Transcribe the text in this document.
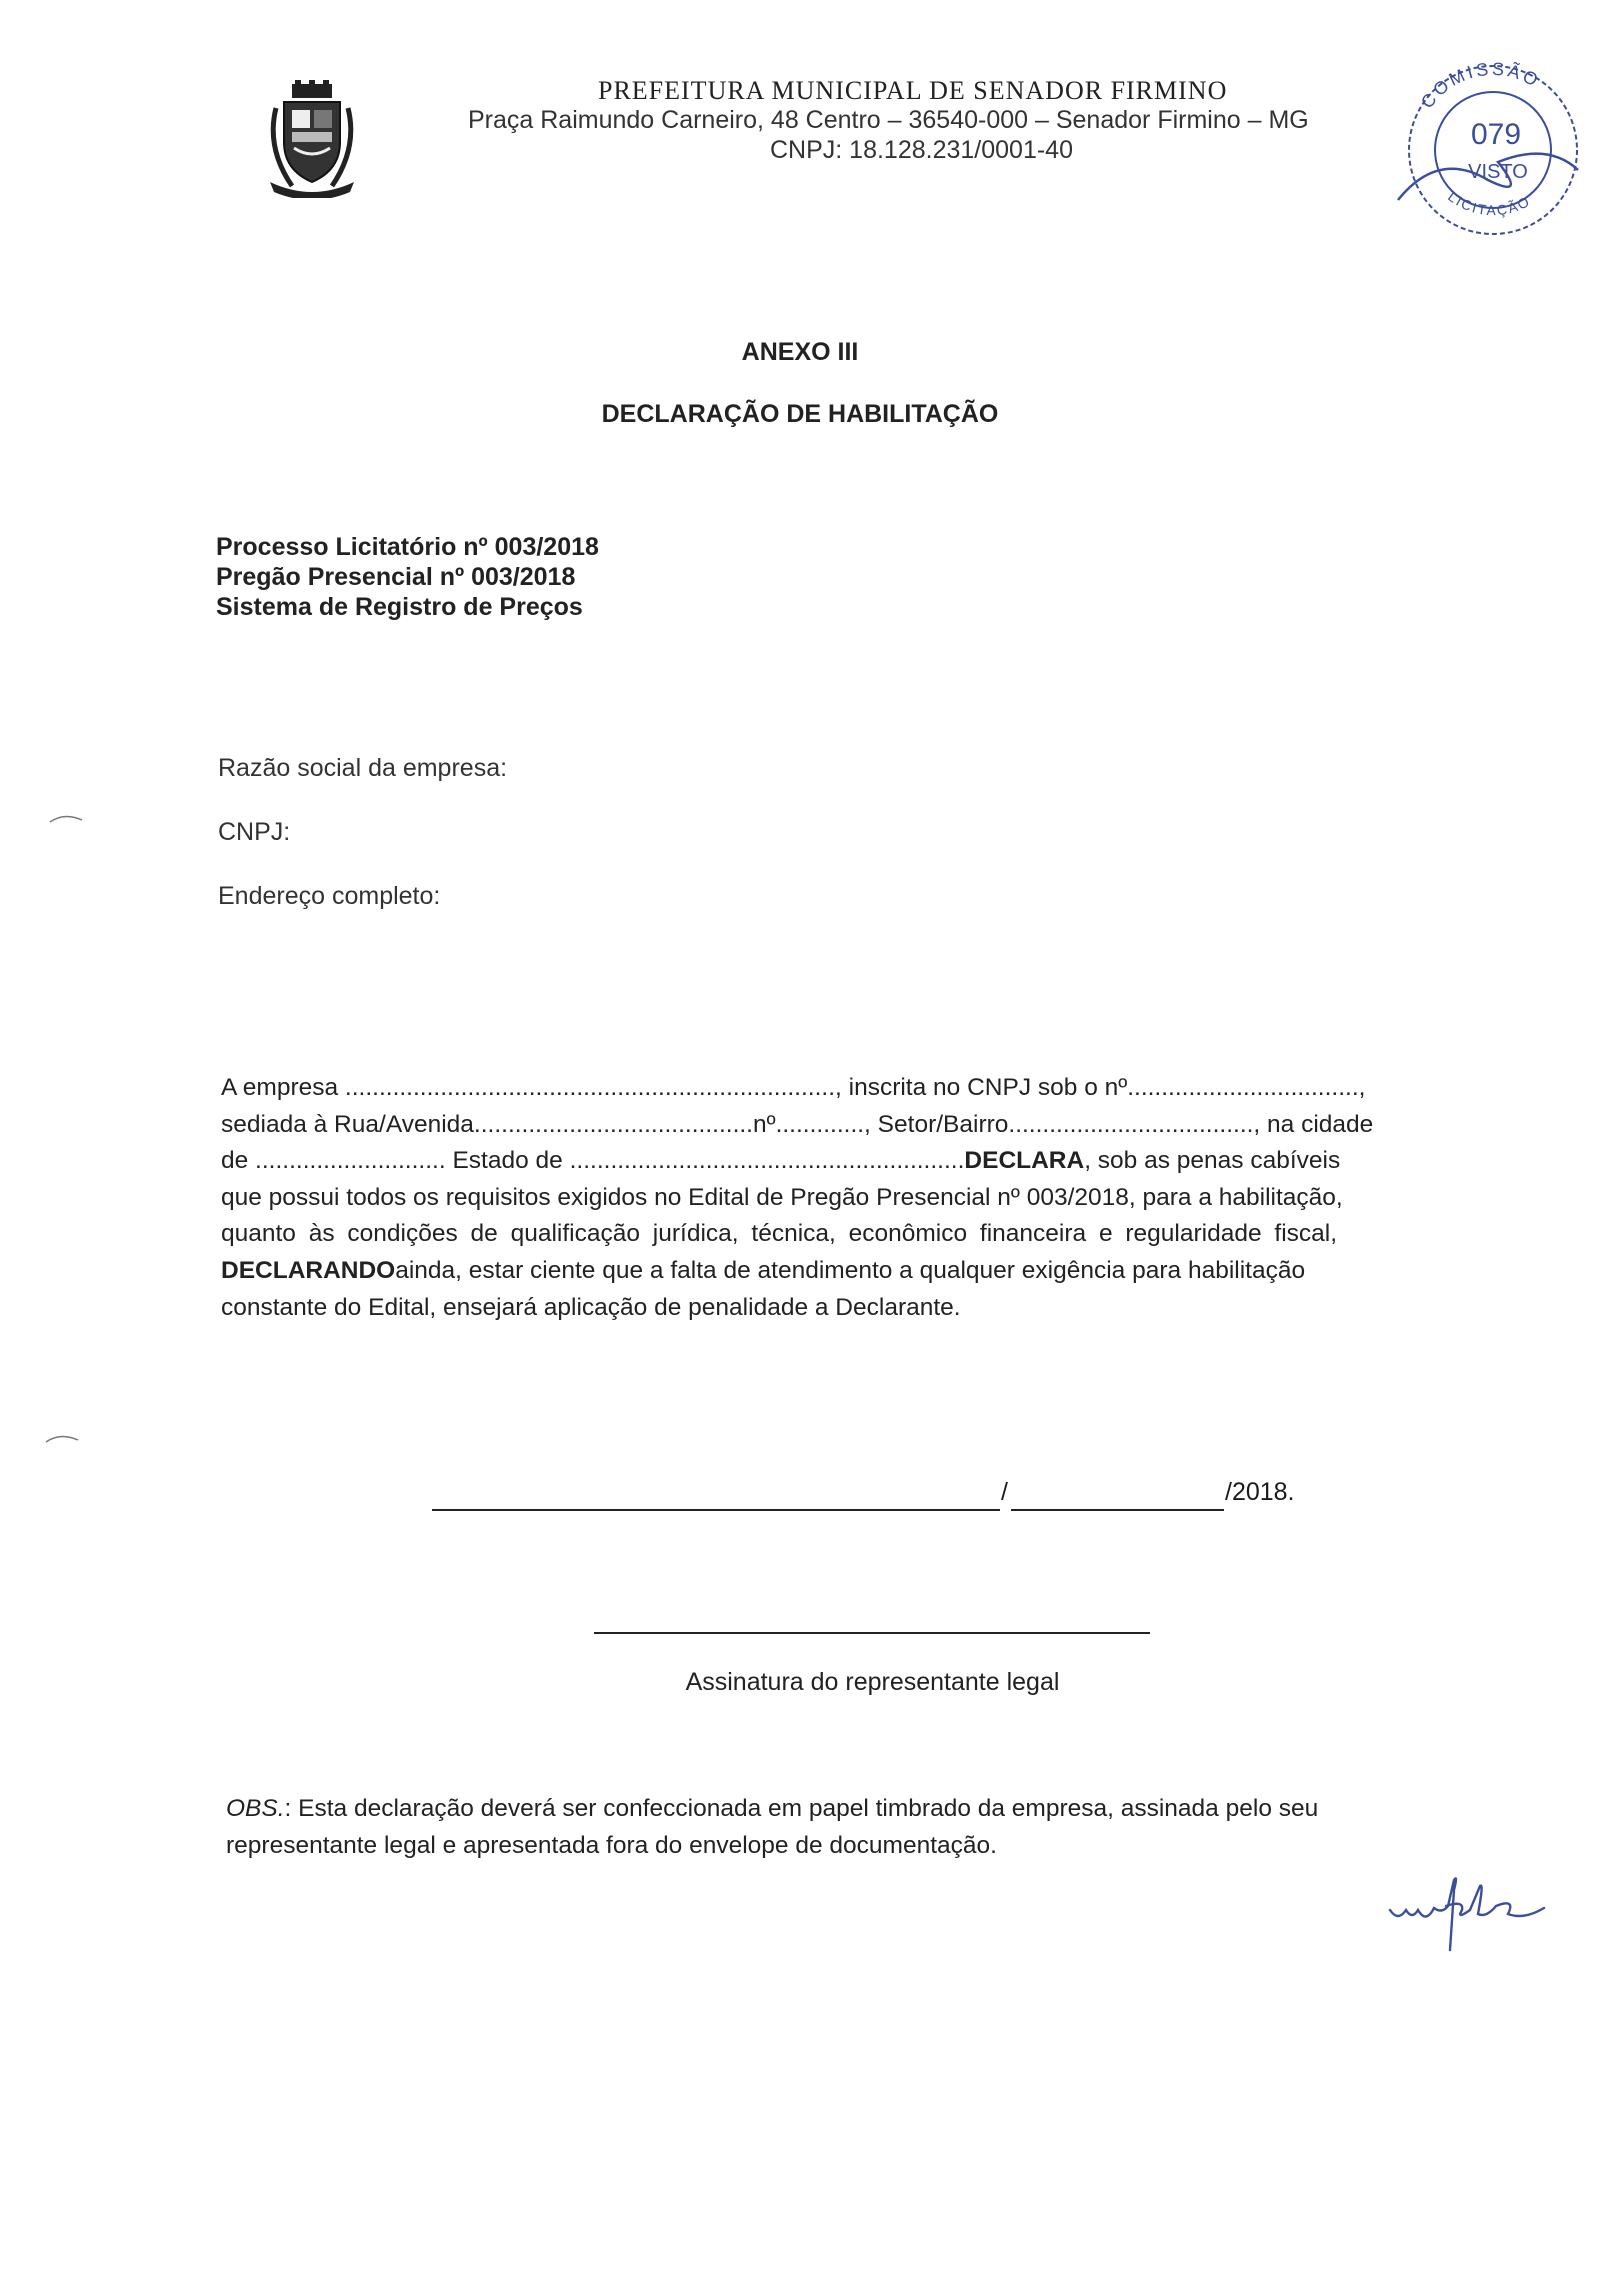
PREFEITURA MUNICIPAL DE SENADOR FIRMINO
Praça Raimundo Carneiro, 48 Centro – 36540-000 – Senador Firmino – MG
CNPJ: 18.128.231/0001-40
COMISSÃO
LICITAÇÃO
079
VISTO
ANEXO III
DECLARAÇÃO DE HABILITAÇÃO
Processo Licitatório nº 003/2018
Pregão Presencial nº 003/2018
Sistema de Registro de Preços
Razão social da empresa:
CNPJ:
Endereço completo:
A empresa ........................................................................, inscrita no CNPJ sob o nº..................................,
sediada à Rua/Avenida.........................................nº............., Setor/Bairro...................................., na cidade
de ............................ Estado de .......................................................... DECLARA , sob as penas cabíveis
que possui todos os requisitos exigidos no Edital de Pregão Presencial nº 003/2018, para a habilitação,
quanto às condições de qualificação jurídica, técnica, econômico financeira e regularidade fiscal,
DECLARANDO ainda, estar ciente que a falta de atendimento a qualquer exigência para habilitação
constante do Edital, ensejará aplicação de penalidade a Declarante.
/	/2018.
Assinatura do representante legal
OBS.: Esta declaração deverá ser confeccionada em papel timbrado da empresa, assinada pelo seu
representante legal e apresentada fora do envelope de documentação.
